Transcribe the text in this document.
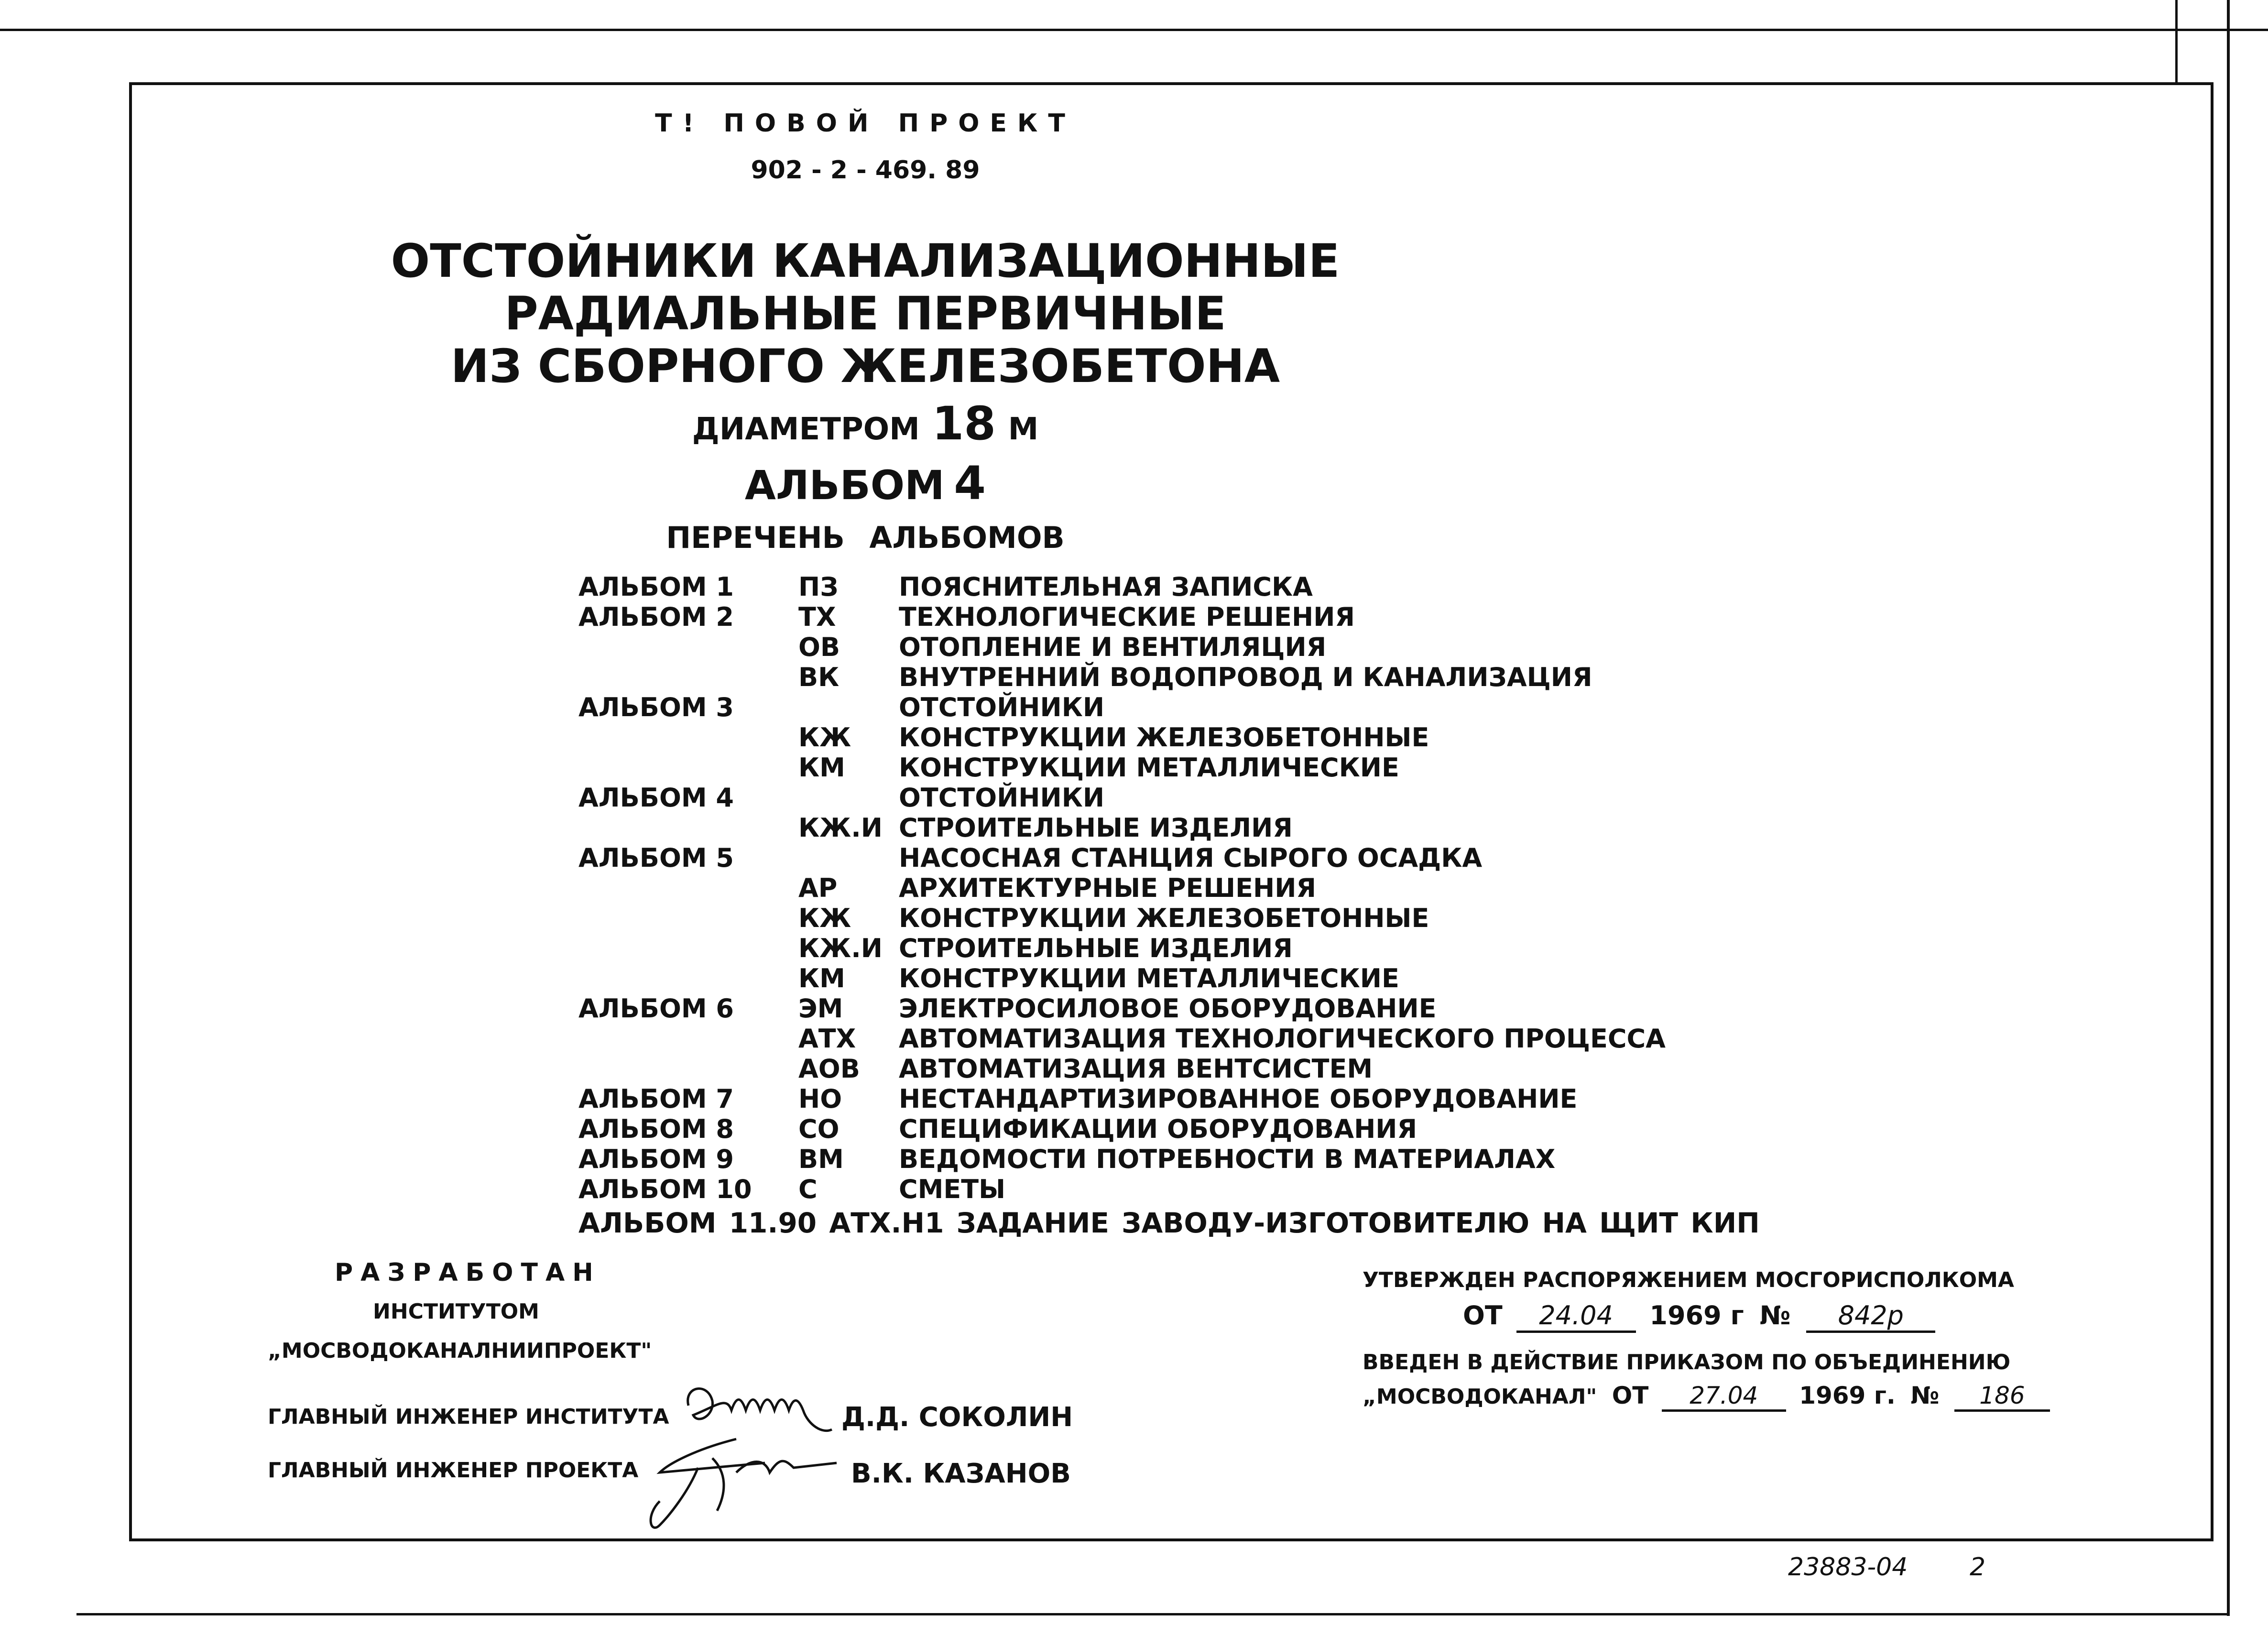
Т! ПОВОЙ ПРОЕКТ
902 - 2 - 469. 89
ОТСТОЙНИКИ КАНАЛИЗАЦИОННЫЕ
РАДИАЛЬНЫЕ ПЕРВИЧНЫЕ
ИЗ СБОРНОГО ЖЕЛЕЗОБЕТОНА
ДИАМЕТРОМ 18 М
АЛЬБОМ 4
ПЕРЕЧЕНЬ АЛЬБОМОВ
АЛЬБОМ 1	ПЗ	ПОЯСНИТЕЛЬНАЯ ЗАПИСКА
АЛЬБОМ 2	ТХ	ТЕХНОЛОГИЧЕСКИЕ РЕШЕНИЯ
ОВ	ОТОПЛЕНИЕ И ВЕНТИЛЯЦИЯ
ВК	ВНУТРЕННИЙ ВОДОПРОВОД И КАНАЛИЗАЦИЯ
АЛЬБОМ 3	ОТСТОЙНИКИ
КЖ	КОНСТРУКЦИИ ЖЕЛЕЗОБЕТОННЫЕ
КМ	КОНСТРУКЦИИ МЕТАЛЛИЧЕСКИЕ
АЛЬБОМ 4	ОТСТОЙНИКИ
КЖ.И СТРОИТЕЛЬНЫЕ ИЗДЕЛИЯ
АЛЬБОМ 5	НАСОСНАЯ СТАНЦИЯ СЫРОГО ОСАДКА
АР	АРХИТЕКТУРНЫЕ РЕШЕНИЯ
КЖ	КОНСТРУКЦИИ ЖЕЛЕЗОБЕТОННЫЕ
КЖ.И СТРОИТЕЛЬНЫЕ ИЗДЕЛИЯ
КМ	КОНСТРУКЦИИ МЕТАЛЛИЧЕСКИЕ
АЛЬБОМ 6	ЭМ	ЭЛЕКТРОСИЛОВОЕ ОБОРУДОВАНИЕ
АТХ	АВТОМАТИЗАЦИЯ ТЕХНОЛОГИЧЕСКОГО ПРОЦЕССА
АОВ	АВТОМАТИЗАЦИЯ ВЕНТСИСТЕМ
АЛЬБОМ 7	НО	НЕСТАНДАРТИЗИРОВАННОЕ ОБОРУДОВАНИЕ
АЛЬБОМ 8	СО	СПЕЦИФИКАЦИИ ОБОРУДОВАНИЯ
АЛЬБОМ 9	ВМ	ВЕДОМОСТИ ПОТРЕБНОСТИ В МАТЕРИАЛАХ
АЛЬБОМ 10	С	СМЕТЫ
АЛЬБОМ 11.90 АТХ.Н1 ЗАДАНИЕ ЗАВОДУ-ИЗГОТОВИТЕЛЮ НА ЩИТ КИП
РАЗРАБОТАН
ИНСТИТУТОМ
„МОСВОДОКАНАЛНИИПРОЕКТ"
ГЛАВНЫЙ ИНЖЕНЕР ИНСТИТУТА	Д.Д. СОКОЛИН
ГЛАВНЫЙ ИНЖЕНЕР ПРОЕКТА	В.К. КАЗАНОВ
УТВЕРЖДЕН РАСПОРЯЖЕНИЕМ МОСГОРИСПОЛКОМА
ОТ 24.04 1969 г № 842р
ВВЕДЕН В ДЕЙСТВИЕ ПРИКАЗОМ ПО ОБЪЕДИНЕНИЮ
„МОСВОДОКАНАЛ" ОТ 27.04 1969 г. № 186
23883-04 2
